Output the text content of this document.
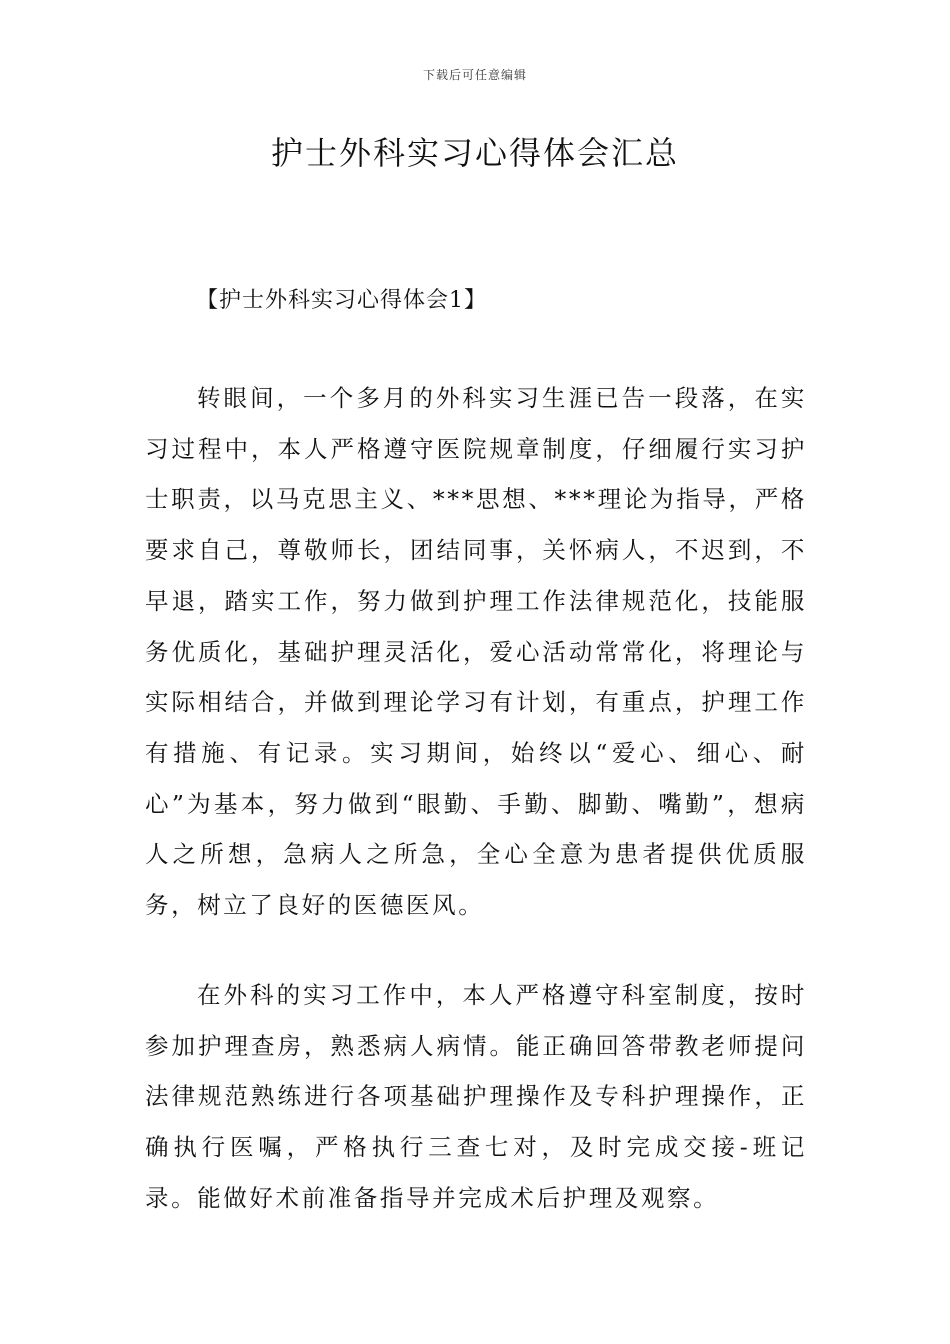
下载后可任意编辑
护士外科实习心得体会汇总
【护士外科实习心得体会1】

转眼间，一个多月的外科实习生涯已告一段落，在实习过程中，本人严格遵守医院规章制度，仔细履行实习护士职责，以马克思主义、***思想、***理论为指导，严格要求自己，尊敬师长，团结同事，关怀病人，不迟到，不早退，踏实工作，努力做到护理工作法律规范化，技能服务优质化，基础护理灵活化，爱心活动常常化，将理论与实际相结合，并做到理论学习有计划，有重点，护理工作有措施、有记录。实习期间，始终以“爱心、细心、耐心”为基本，努力做到“眼勤、手勤、脚勤、嘴勤”，想病人之所想，急病人之所急，全心全意为患者提供优质服务，树立了良好的医德医风。

在外科的实习工作中，本人严格遵守科室制度，按时参加护理查房，熟悉病人病情。能正确回答带教老师提问法律规范熟练进行各项基础护理操作及专科护理操作，正确执行医嘱，严格执行三查七对，及时完成交接-班记录。能做好术前准备指导并完成术后护理及观察。
